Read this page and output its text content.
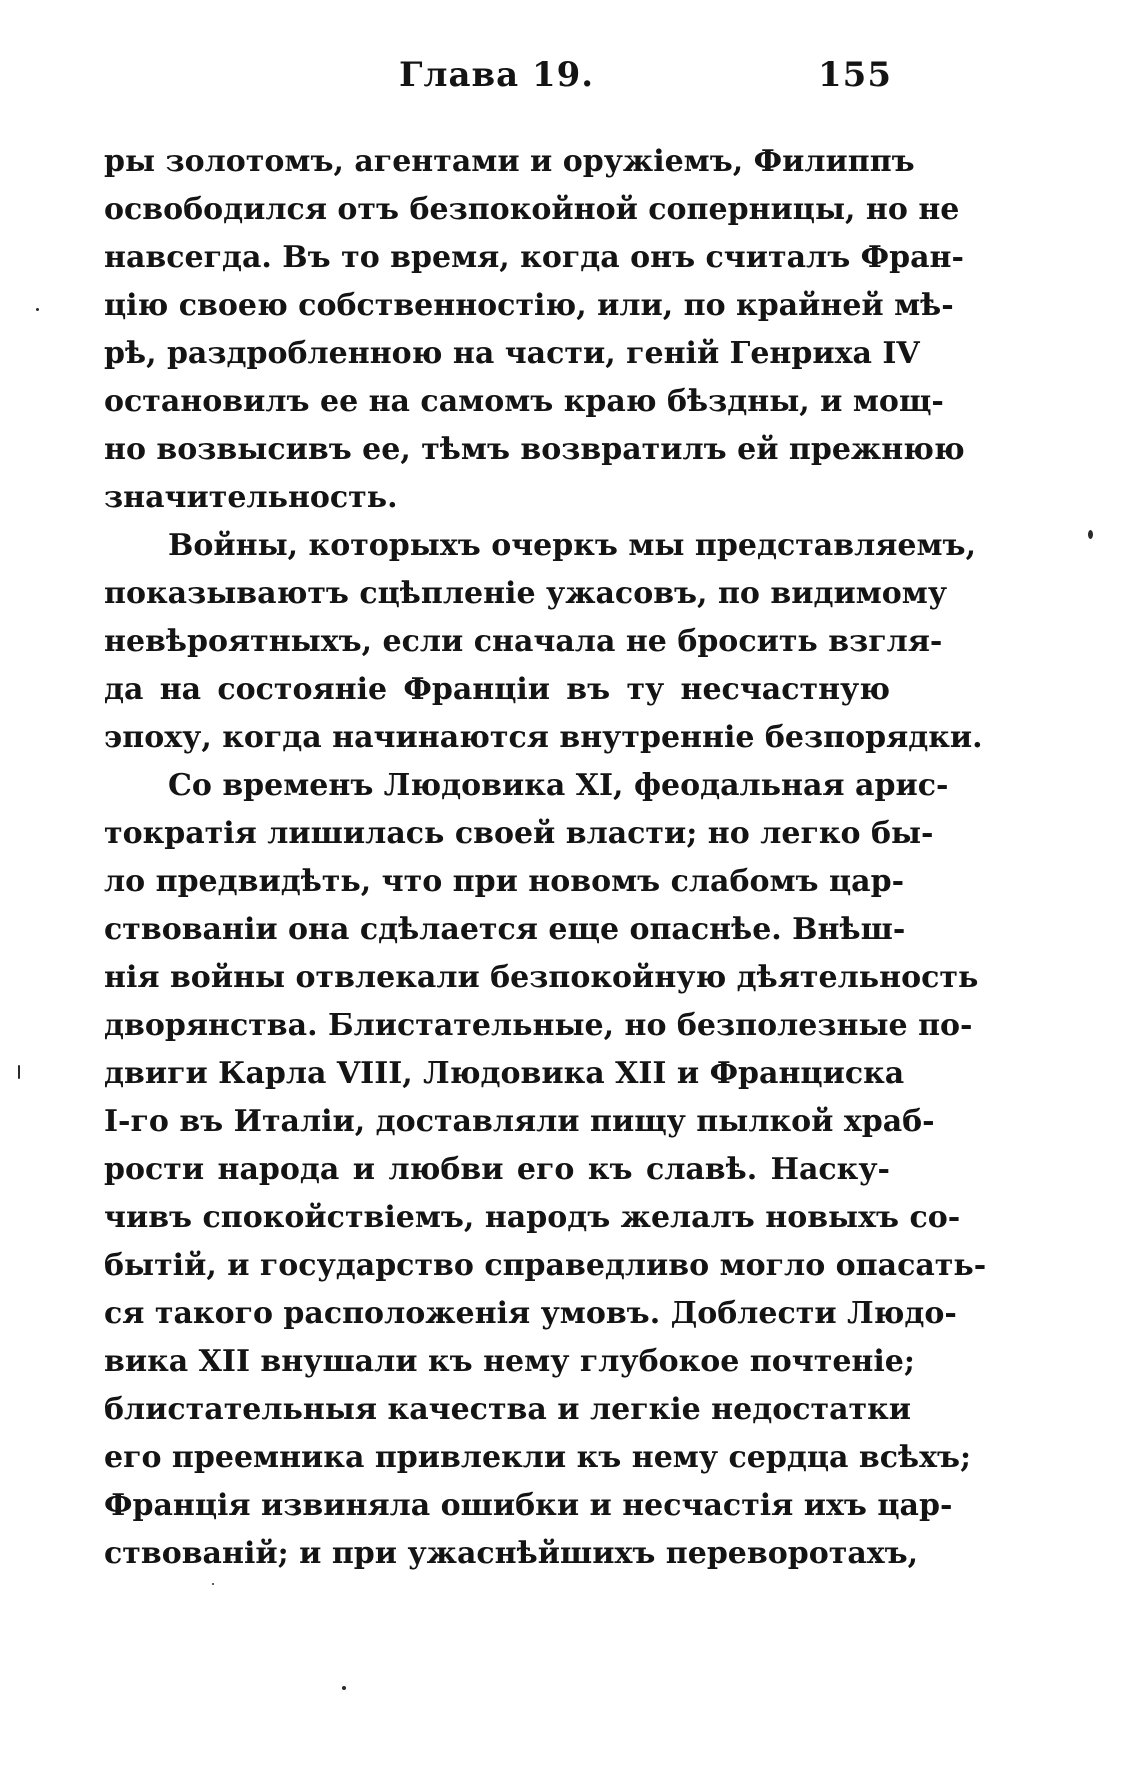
Глава 19.	155
ры золотомъ, агентами и оружіемъ, Филиппъ
освободился отъ безпокойной соперницы, но не
навсегда. Въ то время, когда онъ считалъ Фран-
цію своею собственностію, или, по крайней мѣ-
рѣ, раздробленною на части, геній Генриха IV
остановилъ ее на самомъ краю бѣздны, и мощ-
но возвысивъ ее, тѣмъ возвратилъ ей прежнюю
значительность.
Войны, которыхъ очеркъ мы представляемъ,
показываютъ сцѣпленіе ужасовъ, по видимому
невѣроятныхъ, если сначала не бросить взгля-
да на состояніе Франціи въ ту несчастную
эпоху, когда начинаются внутренніе безпорядки.
Со временъ Людовика XI, феодальная арис-
тократія лишилась своей власти; но легко бы-
ло предвидѣть, что при новомъ слабомъ цар-
ствованіи она сдѣлается еще опаснѣе. Внѣш-
нія войны отвлекали безпокойную дѣятельность
дворянства. Блистательные, но безполезные по-
двиги Карла VIII, Людовика XII и Франциска
I-го въ Италіи, доставляли пищу пылкой храб-
рости народа и любви его къ славѣ. Наску-
чивъ спокойствіемъ, народъ желалъ новыхъ со-
бытій, и государство справедливо могло опасать-
ся такого расположенія умовъ. Доблести Людо-
вика XII внушали къ нему глубокое почтеніе;
блистательныя качества и легкіе недостатки
его преемника привлекли къ нему сердца всѣхъ;
Франція извиняла ошибки и несчастія ихъ цар-
ствованій; и при ужаснѣйшихъ переворотахъ,
